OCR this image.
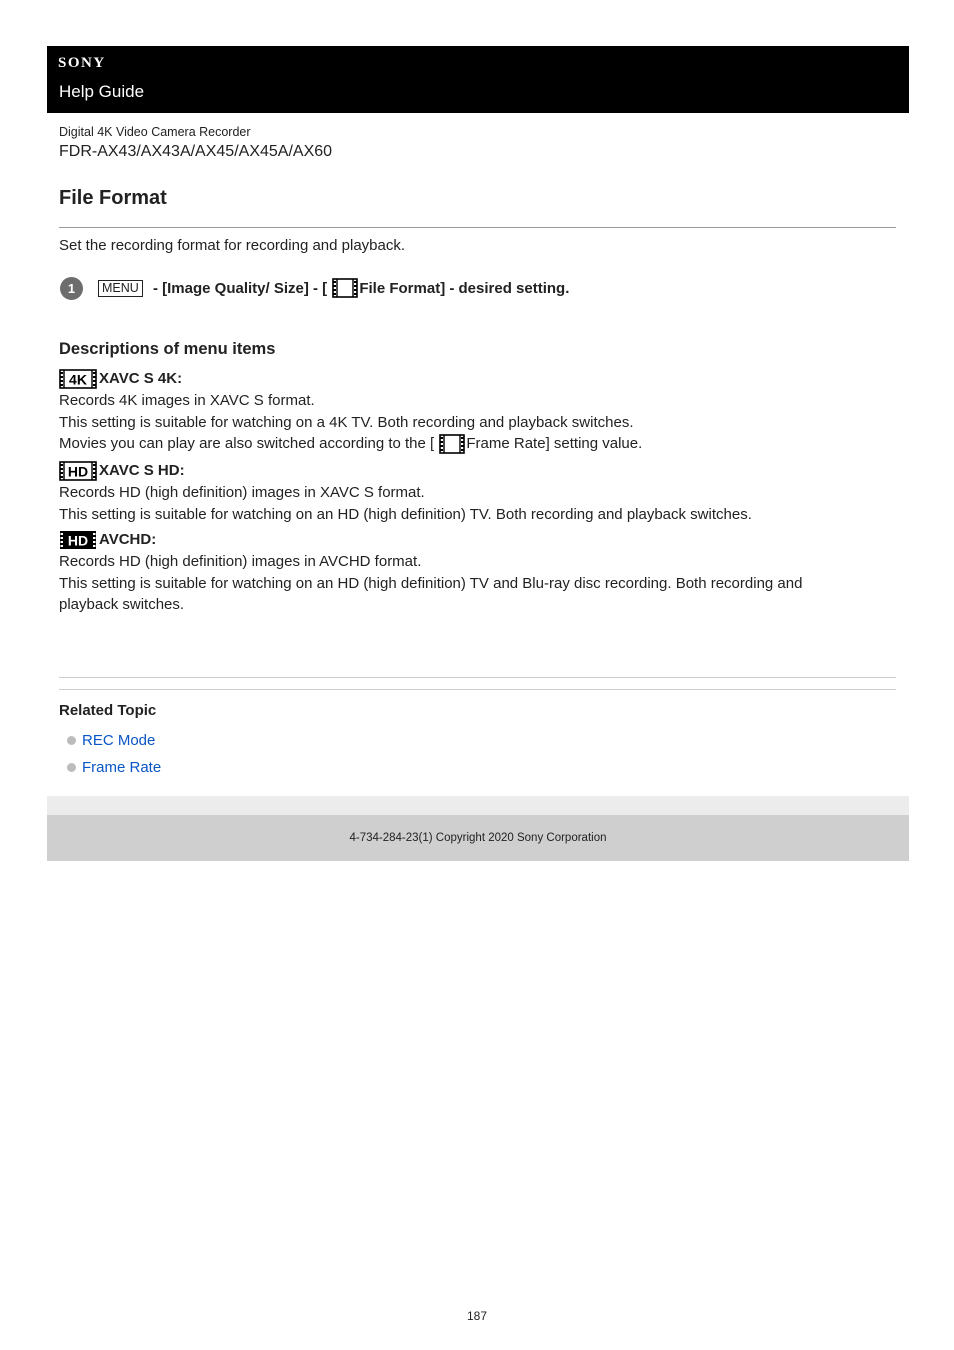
SONY
Help Guide
Digital 4K Video Camera Recorder
FDR-AX43/AX43A/AX45/AX45A/AX60
File Format

Set the recording format for recording and playback.

1	MENU - [Image Quality/ Size] - [ File Format] - desired setting.
Descriptions of menu items
4K XAVC S 4K:
Records 4K images in XAVC S format.
This setting is suitable for watching on a 4K TV. Both recording and playback switches.
Movies you can play are also switched according to the [ Frame Rate] setting value.
HD XAVC S HD:
Records HD (high definition) images in XAVC S format.
This setting is suitable for watching on an HD (high definition) TV. Both recording and playback switches.
HD AVCHD:
Records HD (high definition) images in AVCHD format.
This setting is suitable for watching on an HD (high definition) TV and Blu-ray disc recording. Both recording and
playback switches.
Related Topic
REC Mode
Frame Rate
4-734-284-23(1) Copyright 2020 Sony Corporation
187
